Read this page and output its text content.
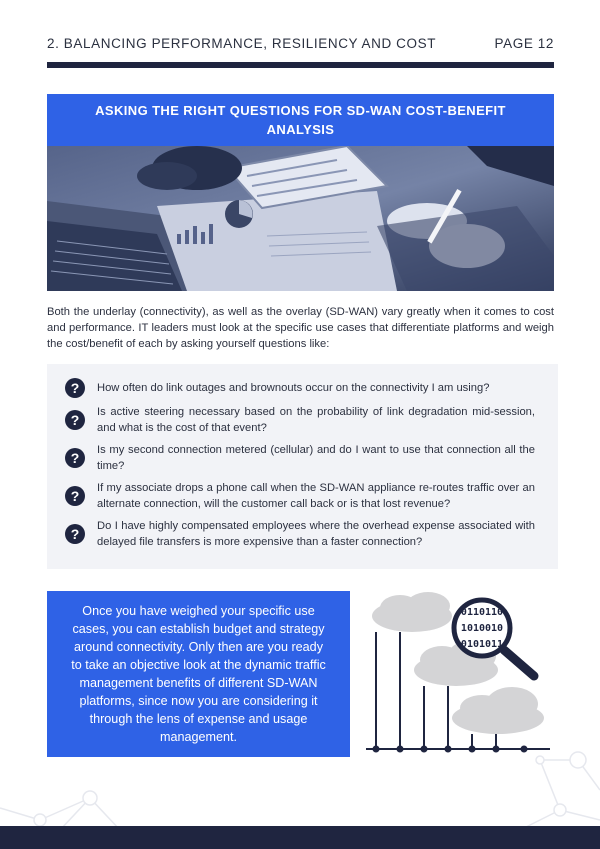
2. BALANCING PERFORMANCE, RESILIENCY AND COST	PAGE 12
ASKING THE RIGHT QUESTIONS FOR SD-WAN COST-BENEFIT ANALYSIS
Both the underlay (connectivity), as well as the overlay (SD-WAN) vary greatly when it comes to cost and performance. IT leaders must look at the specific use cases that differentiate platforms and weigh the cost/benefit of each by asking yourself questions like:
?	How often do link outages and brownouts occur on the connectivity I am using?
?	Is active steering necessary based on the probability of link degradation mid-session, and what is the cost of that event?
?	Is my second connection metered (cellular) and do I want to use that connection all the time?
?	If my associate drops a phone call when the SD-WAN appliance re-routes traffic over an alternate connection, will the customer call back or is that lost revenue?
?	Do I have highly compensated employees where the overhead expense associated with delayed file transfers is more expensive than a faster connection?
Once you have weighed your specific use cases, you can establish budget and strategy around connectivity. Only then are you ready to take an objective look at the dynamic traffic management benefits of different SD-WAN platforms, since now you are considering it through the lens of expense and usage management.
0110110
1010010
0101011
